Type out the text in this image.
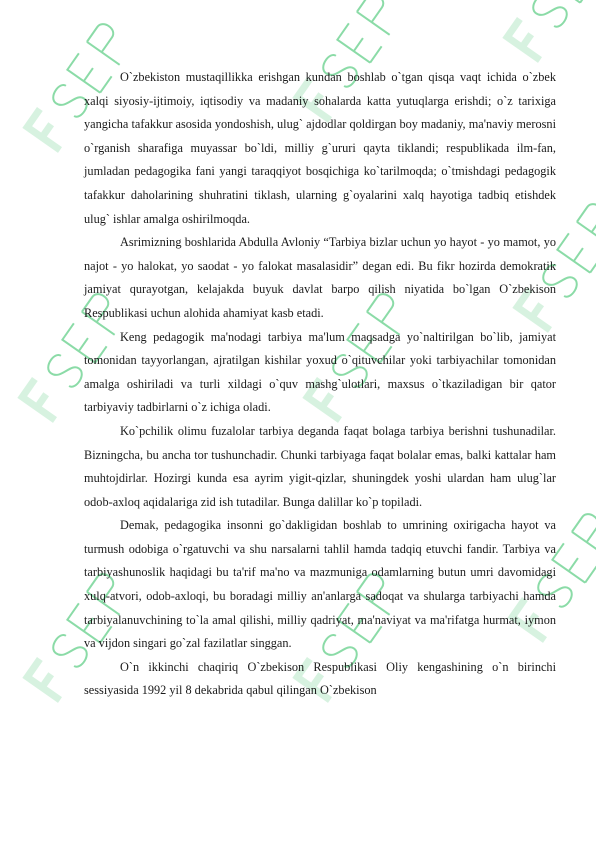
O`zbekiston mustaqillikka erishgan kundan boshlab o`tgan qisqa vaqt ichida o`zbek xalqi siyosiy-ijtimoiy, iqtisodiy va madaniy sohalarda katta yutuqlarga erishdi; o`z tarixiga yangicha tafakkur asosida yondoshish, ulug` ajdodlar qoldirgan boy madaniy, ma'naviy merosni o`rganish sharafiga muyassar bo`ldi, milliy g`ururi qayta tiklandi; respublikada ilm-fan, jumladan pedagogika fani yangi taraqqiyot bosqichiga ko`tarilmoqda; o`tmishdagi pedagogik tafakkur daholarining shuhratini tiklash, ularning g`oyalarini xalq hayotiga tadbiq etishdek ulug` ishlar amalga oshirilmoqda.

Asrimizning boshlarida Abdulla Avloniy “Tarbiya bizlar uchun yo hayot - yo mamot, yo najot - yo halokat, yo saodat - yo falokat masalasidir” degan edi. Bu fikr hozirda demokratik jamiyat qurayotgan, kelajakda buyuk davlat barpo qilish niyatida bo`lgan O`zbekison Respublikasi uchun alohida ahamiyat kasb etadi.

Keng pedagogik ma'nodagi tarbiya ma'lum maqsadga yo`naltirilgan bo`lib, jamiyat tomonidan tayyorlangan, ajratilgan kishilar yoxud o`qituvchilar yoki tarbiyachilar tomonidan amalga oshiriladi va turli xildagi o`quv mashg`ulotlari, maxsus o`tkaziladigan bir qator tarbiyaviy tadbirlarni o`z ichiga oladi.

Ko`pchilik olimu fuzalolar tarbiya deganda faqat bolaga tarbiya berishni tushunadilar. Bizningcha, bu ancha tor tushunchadir. Chunki tarbiyaga faqat bolalar emas, balki kattalar ham muhtojdirlar. Hozirgi kunda esa ayrim yigit-qizlar, shuningdek yoshi ulardan ham ulug`lar odob-axloq aqidalariga zid ish tutadilar. Bunga dalillar ko`p topiladi.

Demak, pedagogika insonni go`dakligidan boshlab to umrining oxirigacha hayot va turmush odobiga o`rgatuvchi va shu narsalarni tahlil hamda tadqiq etuvchi fandir. Tarbiya va tarbiyashunoslik haqidagi bu ta'rif ma'no va mazmuniga odamlarning butun umri davomidagi xulq-atvori, odob-axloqi, bu boradagi milliy an'anlarga sadoqat va shularga tarbiyachi hamda tarbiyalanuvchining to`la amal qilishi, milliy qadriyat, ma'naviyat va ma'rifatga hurmat, iymon va vijdon singari go`zal fazilatlar singgan.

O`n ikkinchi chaqiriq O`zbekison Respublikasi Oliy kengashining o`n birinchi sessiyasida 1992 yil 8 dekabrida qabul qilingan O`zbekison
